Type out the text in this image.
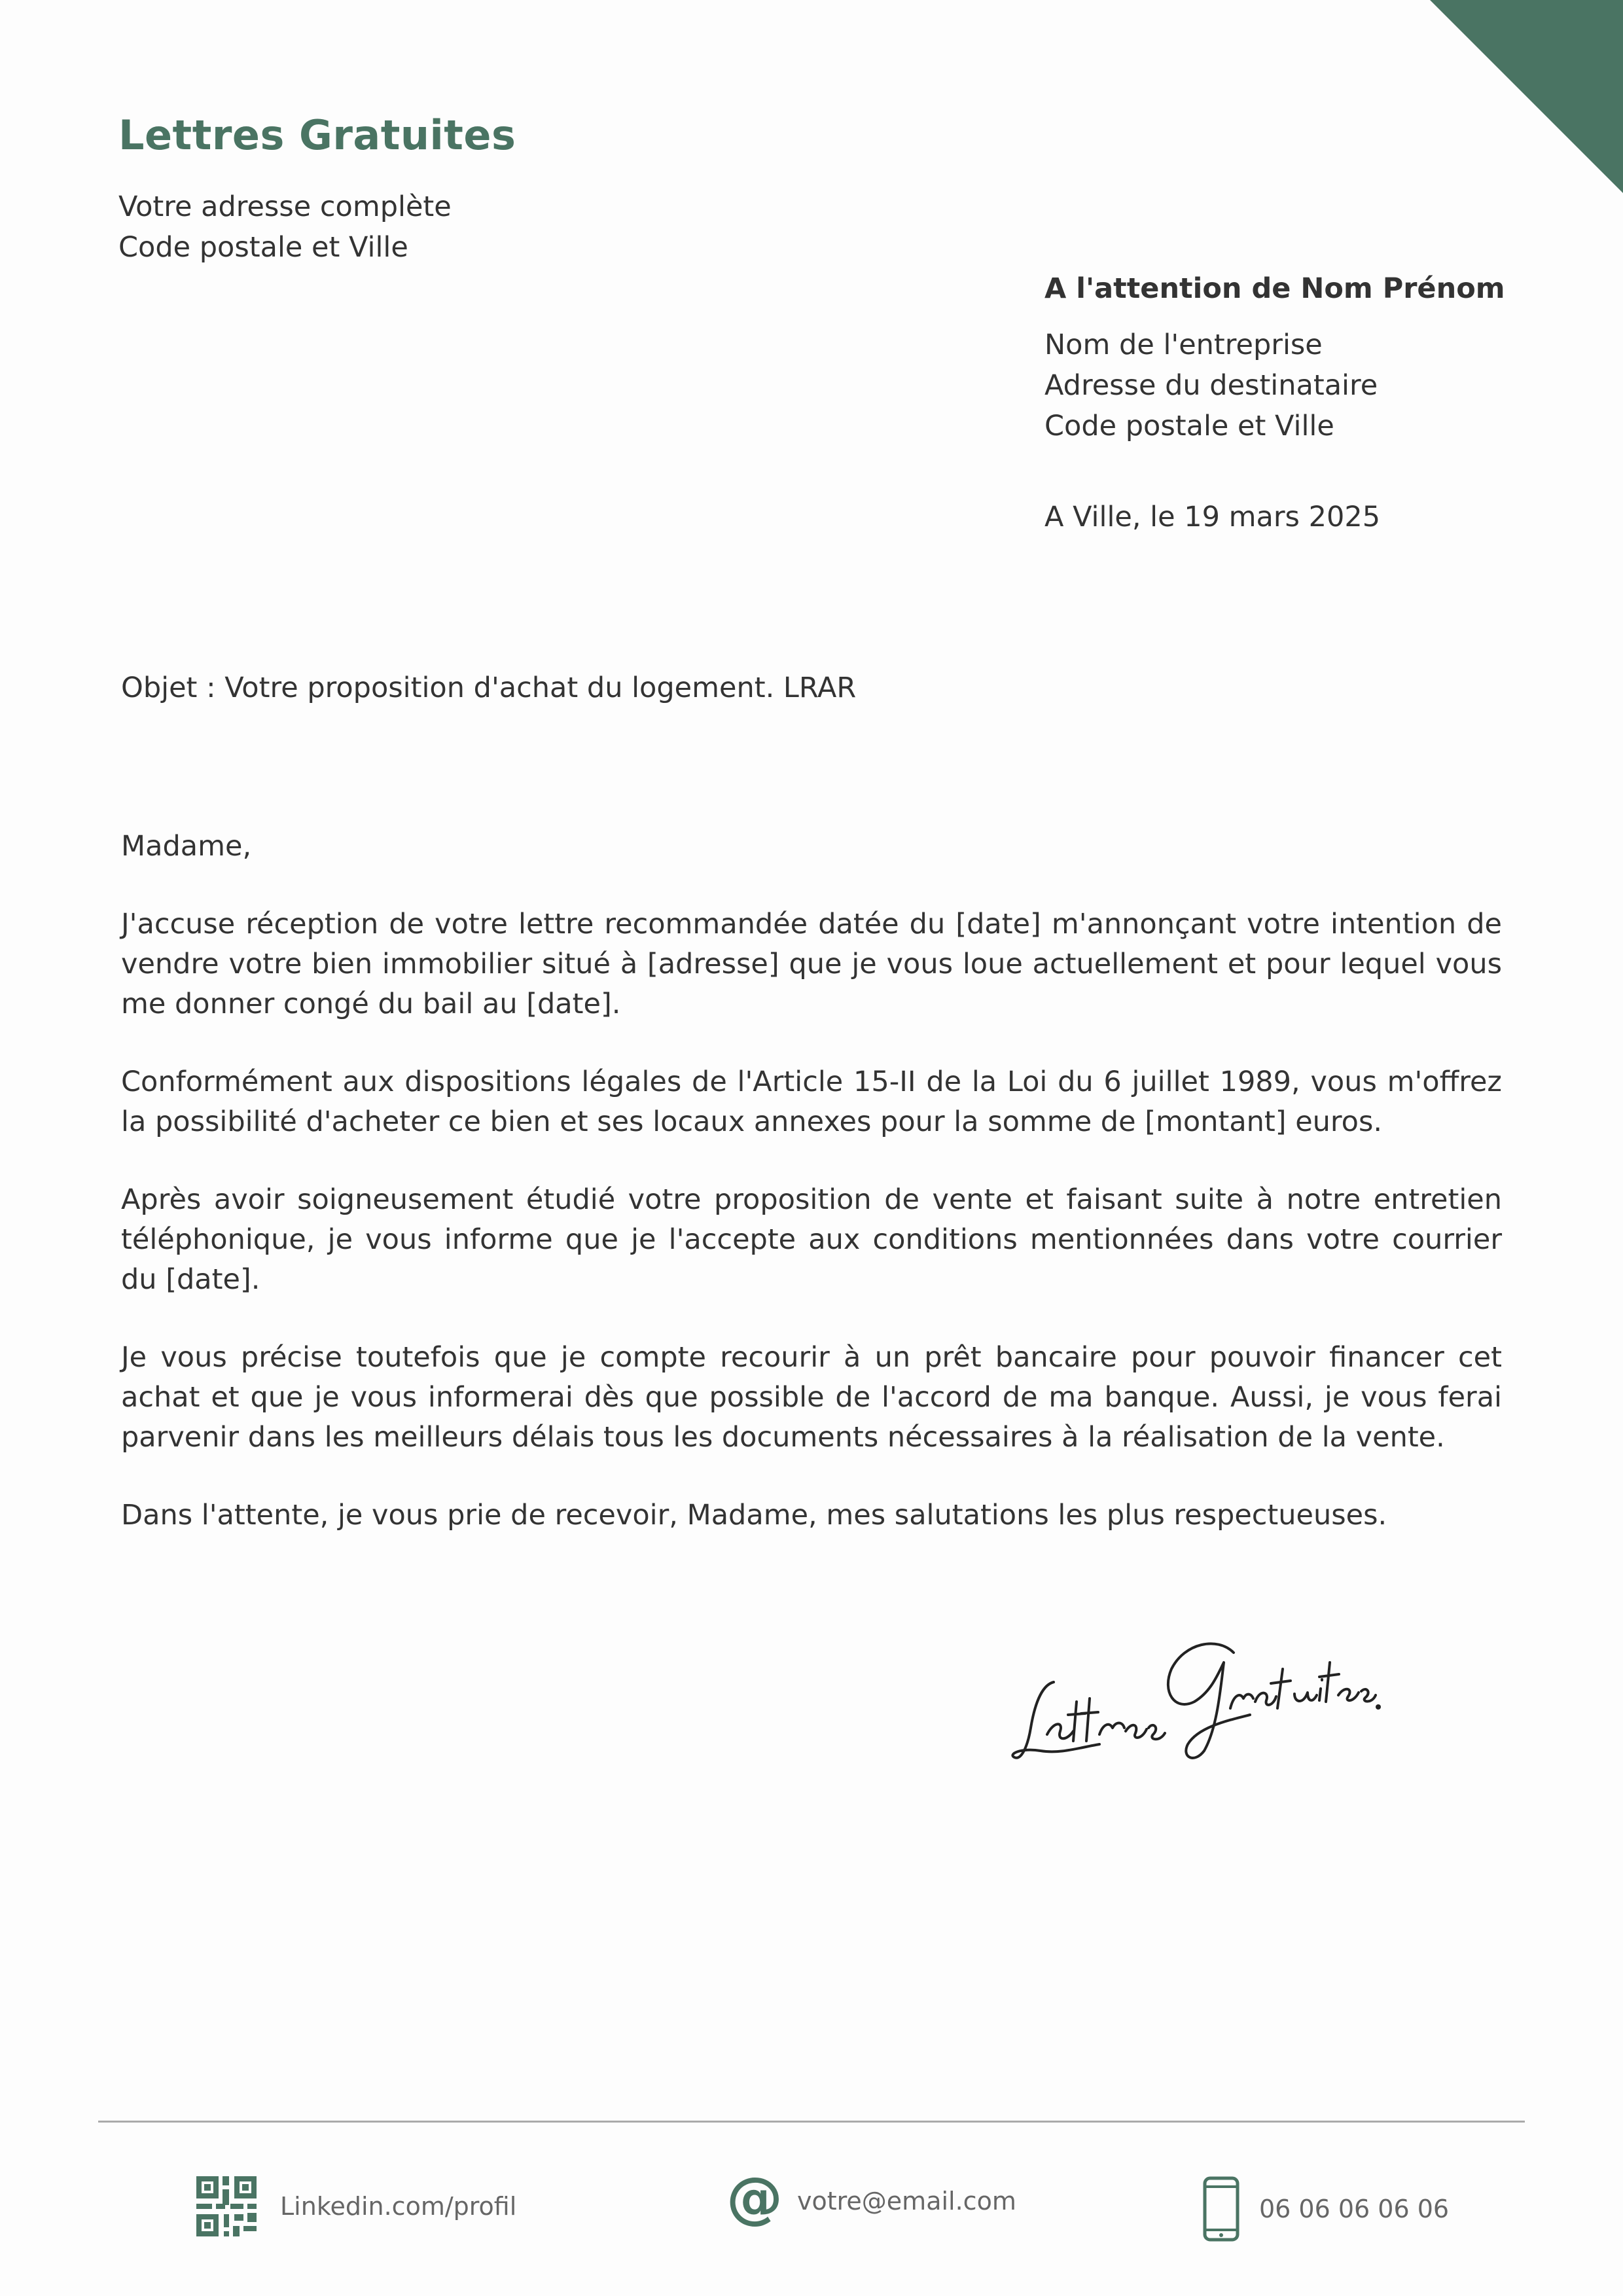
Lettres Gratuites
Votre adresse complète
Code postale et Ville
A l'attention de Nom Prénom
Nom de l'entreprise
Adresse du destinataire
Code postale et Ville
A Ville, le 19 mars 2025
Objet : Votre proposition d'achat du logement. LRAR

Madame,

J'accuse réception de votre lettre recommandée datée du [date] m'annonçant votre intention de vendre votre bien immobilier situé à [adresse] que je vous loue actuellement et pour lequel vous me donner congé du bail au [date].

Conformément aux dispositions légales de l'Article 15-II de la Loi du 6 juillet 1989, vous m'offrez la possibilité d'acheter ce bien et ses locaux annexes pour la somme de [montant] euros.

Après avoir soigneusement étudié votre proposition de vente et faisant suite à notre entretien téléphonique, je vous informe que je l'accepte aux conditions mentionnées dans votre courrier du [date].

Je vous précise toutefois que je compte recourir à un prêt bancaire pour pouvoir financer cet achat et que je vous informerai dès que possible de l'accord de ma banque. Aussi, je vous ferai parvenir dans les meilleurs délais tous les documents nécessaires à la réalisation de la vente.

Dans l'attente, je vous prie de recevoir, Madame, mes salutations les plus respectueuses.

Linkedin.com/profil	@ votre@email.com	06 06 06 06 06
